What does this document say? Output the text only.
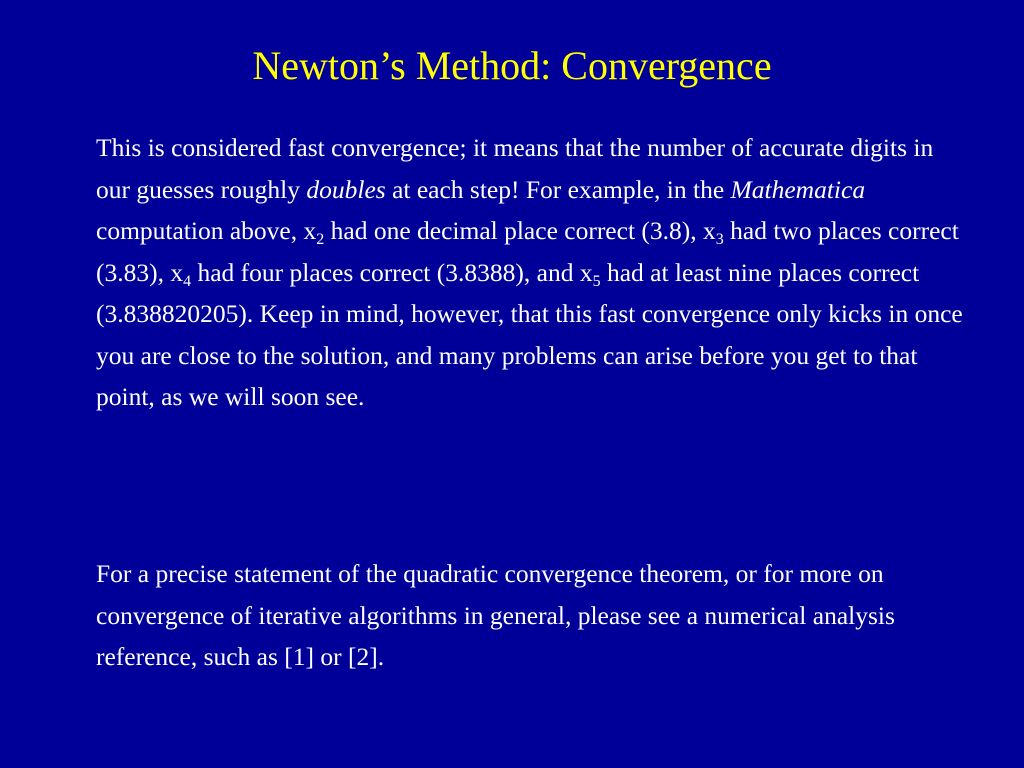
Newton’s Method: Convergence

This is considered fast convergence; it means that the number of accurate digits in our guesses roughly doubles at each step! For example, in the Mathematica computation above, $x_2$ had one decimal place correct (3.8), $x_3$ had two places correct (3.83), $x_4$ had four places correct (3.8388), and $x_5$ had at least nine places correct (3.838820205). Keep in mind, however, that this fast convergence only kicks in once you are close to the solution, and many problems can arise before you get to that point, as we will soon see.

For a precise statement of the quadratic convergence theorem, or for more on convergence of iterative algorithms in general, please see a numerical analysis reference, such as [1] or [2].
